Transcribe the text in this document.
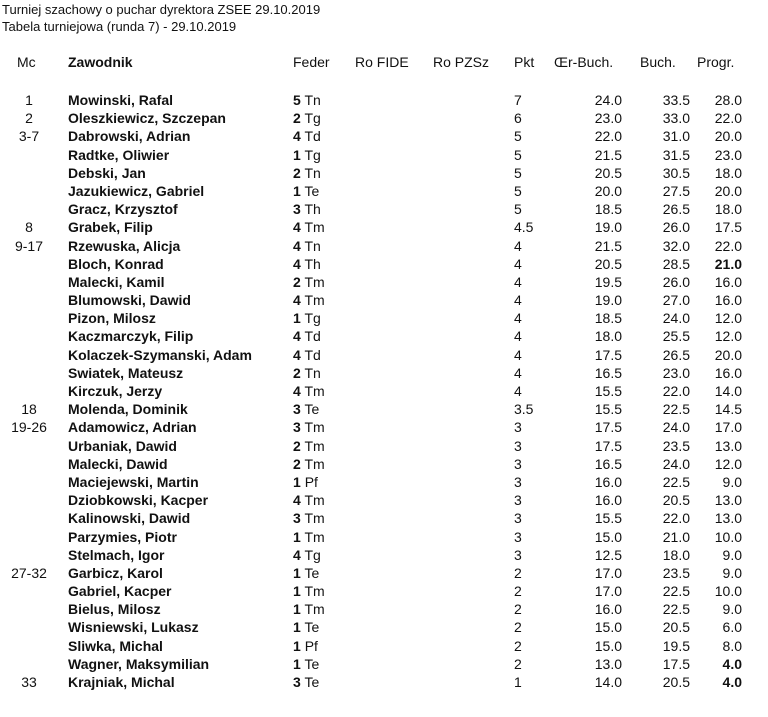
Turniej szachowy o puchar dyrektora ZSEE 29.10.2019
Tabela turniejowa (runda 7) - 29.10.2019
Mc Zawodnik	Feder Ro FIDE Ro PZSz Pkt Œr-Buch. Buch. Progr.
1	Mowinski, Rafal	5 Tn	7	24.0	33.5	28.0
2	Oleszkiewicz, Szczepan	2 Tg	6	23.0	33.0	22.0
3-7	Dabrowski, Adrian	4 Td	5	22.0	31.0	20.0
Radtke, Oliwier	1 Tg	5	21.5	31.5	23.0
Debski, Jan	2 Tn	5	20.5	30.5	18.0
Jazukiewicz, Gabriel	1 Te	5	20.0	27.5	20.0
Gracz, Krzysztof	3 Th	5	18.5	26.5	18.0
8	Grabek, Filip	4 Tm	4.5	19.0	26.0	17.5
9-17	Rzewuska, Alicja	4 Tn	4	21.5	32.0	22.0
Bloch, Konrad	4 Th	4	20.5	28.5	21.0
Malecki, Kamil	2 Tm	4	19.5	26.0	16.0
Blumowski, Dawid	4 Tm	4	19.0	27.0	16.0
Pizon, Milosz	1 Tg	4	18.5	24.0	12.0
Kaczmarczyk, Filip	4 Td	4	18.0	25.5	12.0
Kolaczek-Szymanski, Adam	4 Td	4	17.5	26.5	20.0
Swiatek, Mateusz	2 Tn	4	16.5	23.0	16.0
Kirczuk, Jerzy	4 Tm	4	15.5	22.0	14.0
18	Molenda, Dominik	3 Te	3.5	15.5	22.5	14.5
19-26	Adamowicz, Adrian	3 Tm	3	17.5	24.0	17.0
Urbaniak, Dawid	2 Tm	3	17.5	23.5	13.0
Malecki, Dawid	2 Tm	3	16.5	24.0	12.0
Maciejewski, Martin	1 Pf	3	16.0	22.5	9.0
Dziobkowski, Kacper	4 Tm	3	16.0	20.5	13.0
Kalinowski, Dawid	3 Tm	3	15.5	22.0	13.0
Parzymies, Piotr	1 Tm	3	15.0	21.0	10.0
Stelmach, Igor	4 Tg	3	12.5	18.0	9.0
27-32	Garbicz, Karol	1 Te	2	17.0	23.5	9.0
Gabriel, Kacper	1 Tm	2	17.0	22.5	10.0
Bielus, Milosz	1 Tm	2	16.0	22.5	9.0
Wisniewski, Lukasz	1 Te	2	15.0	20.5	6.0
Sliwka, Michal	1 Pf	2	15.0	19.5	8.0
Wagner, Maksymilian	1 Te	2	13.0	17.5	4.0
33	Krajniak, Michal	3 Te	1	14.0	20.5	4.0
